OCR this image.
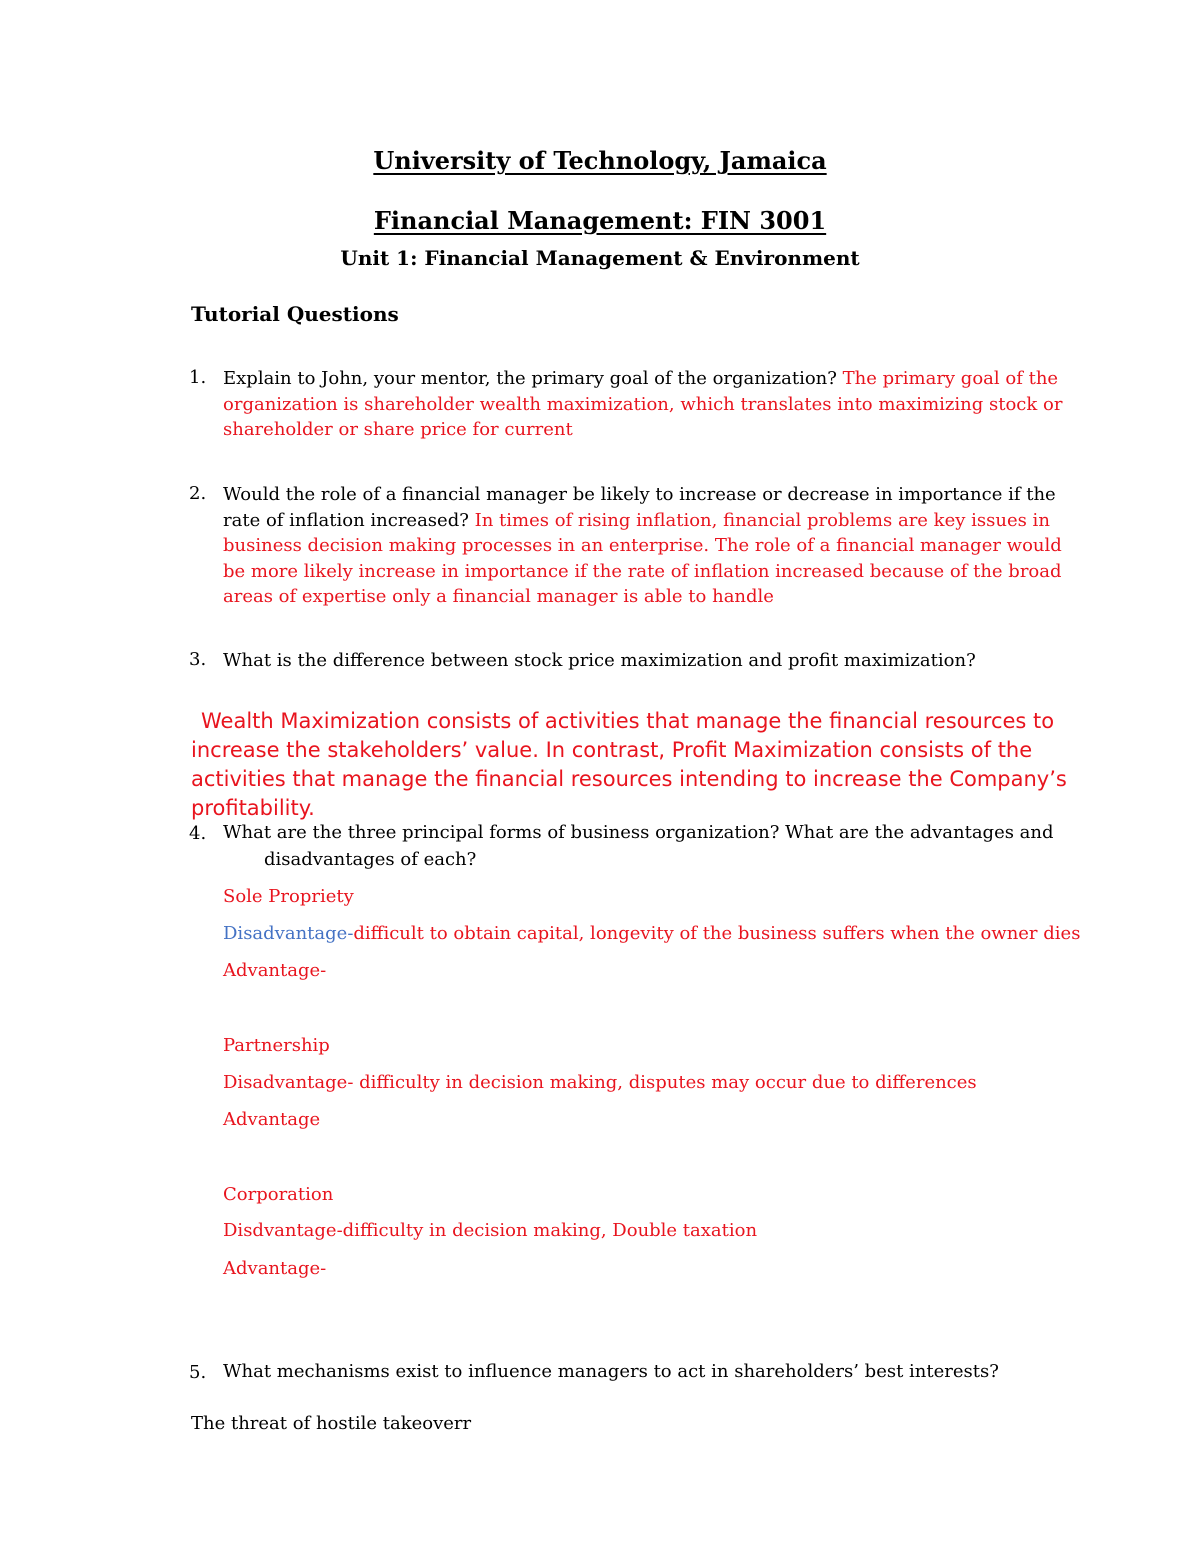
University of Technology, Jamaica

Financial Management: FIN 3001

Unit 1: Financial Management & Environment

Tutorial Questions

1. Explain to John, your mentor, the primary goal of the organization? The primary goal of the organization is shareholder wealth maximization, which translates into maximizing stock or shareholder or share price for current

2. Would the role of a financial manager be likely to increase or decrease in importance if the rate of inflation increased? In times of rising inflation, financial problems are key issues in business decision making processes in an enterprise. The role of a financial manager would be more likely increase in importance if the rate of inflation increased because of the broad areas of expertise only a financial manager is able to handle

3. What is the difference between stock price maximization and profit maximization?

Wealth Maximization consists of activities that manage the financial resources to increase the stakeholders’ value. In contrast, Profit Maximization consists of the activities that manage the financial resources intending to increase the Company’s profitability.

4. What are the three principal forms of business organization? What are the advantages and

disadvantages of each?

Sole Propriety

Disadvantage-difficult to obtain capital, longevity of the business suffers when the owner dies

Advantage-

Partnership

Disadvantage- difficulty in decision making, disputes may occur due to differences

Advantage

Corporation

Disdvantage-difficulty in decision making, Double taxation

Advantage-

5. What mechanisms exist to influence managers to act in shareholders’ best interests?

The threat of hostile takeoverr
